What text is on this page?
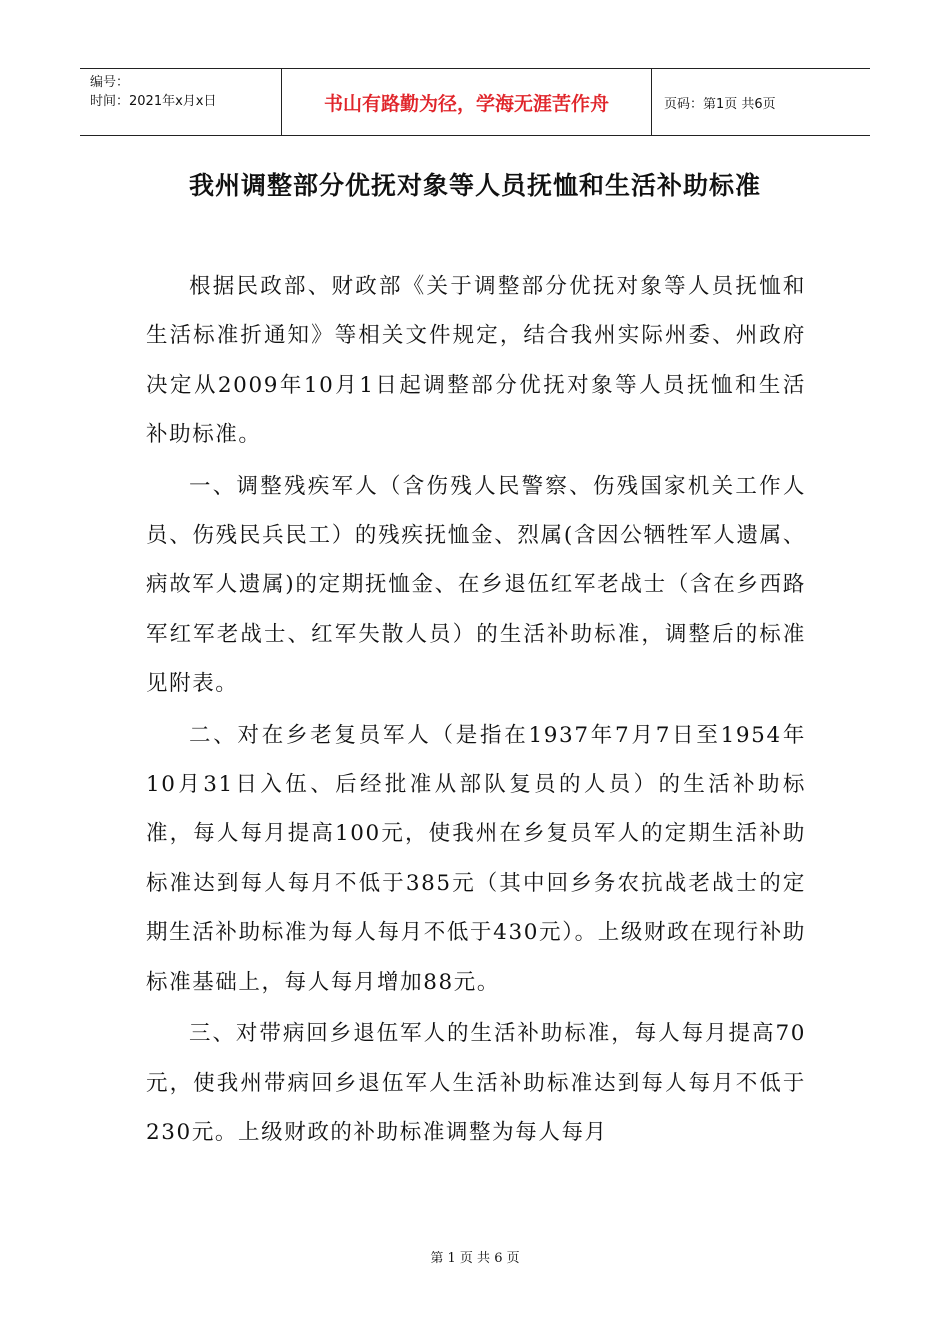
编号：
时间：2021年x月x日	书山有路勤为径，学海无涯苦作舟	页码：第1页 共6页
我州调整部分优抚对象等人员抚恤和生活补助标准

根据民政部、财政部《关于调整部分优抚对象等人员抚恤和生活标准折通知》等相关文件规定，结合我州实际州委、州政府决定从2009年10月1日起调整部分优抚对象等人员抚恤和生活补助标准。

一、调整残疾军人（含伤残人民警察、伤残国家机关工作人员、伤残民兵民工）的残疾抚恤金、烈属(含因公牺牲军人遗属、病故军人遗属)的定期抚恤金、在乡退伍红军老战士（含在乡西路军红军老战士、红军失散人员）的生活补助标准，调整后的标准见附表。

二、对在乡老复员军人（是指在1937年7月7日至1954年10月31日入伍、后经批准从部队复员的人员）的生活补助标准，每人每月提高100元，使我州在乡复员军人的定期生活补助标准达到每人每月不低于385元（其中回乡务农抗战老战士的定期生活补助标准为每人每月不低于430元）。上级财政在现行补助标准基础上，每人每月增加88元。

三、对带病回乡退伍军人的生活补助标准，每人每月提高70元，使我州带病回乡退伍军人生活补助标准达到每人每月不低于230元。上级财政的补助标准调整为每人每月

第 1 页 共 6 页
